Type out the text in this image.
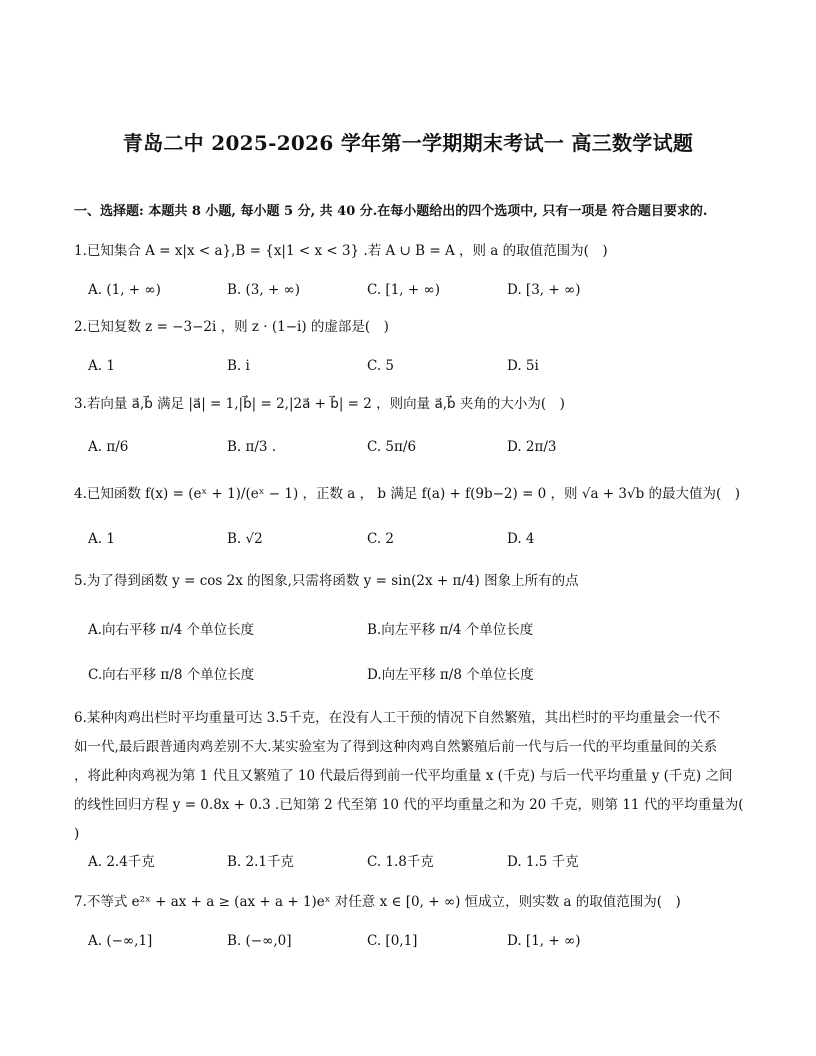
青岛二中 2025-2026 学年第一学期期末考试一 高三数学试题
一、选择题: 本题共 8 小题, 每小题 5 分, 共 40 分.在每小题给出的四个选项中, 只有一项是 符合题目要求的.
1.已知集合 A = x|x < a},B = {x|1 < x < 3} .若 A ∪ B = A ，则 a 的取值范围为(　)
A. (1, + ∞)	B. (3, + ∞)	C. [1, + ∞)	D. [3, + ∞)
2.已知复数 z = −3−2i ，则 z · (1−i) 的虚部是(　)
A. 1	B. i	C. 5	D. 5i
3.若向量 a⃗,b⃗ 满足 |a⃗| = 1,|b⃗| = 2,|2a⃗ + b⃗| = 2 ，则向量 a⃗,b⃗ 夹角的大小为(　)
A. π/6	B. π/3 .	C. 5π/6	D. 2π/3
4.已知函数 f(x) = (eˣ + 1)/(eˣ − 1) ，正数 a ， b 满足 f(a) + f(9b−2) = 0 ，则 √a + 3√b 的最大值为(　)
A. 1	B. √2	C. 2	D. 4
5.为了得到函数 y = cos 2x 的图象,只需将函数 y = sin(2x + π/4) 图象上所有的点
A.向右平移 π/4 个单位长度	B.向左平移 π/4 个单位长度
C.向右平移 π/8 个单位长度	D.向左平移 π/8 个单位长度
6.某种肉鸡出栏时平均重量可达 3.5千克，在没有人工干预的情况下自然繁殖，其出栏时的平均重量会一代不
如一代,最后跟普通肉鸡差别不大.某实验室为了得到这种肉鸡自然繁殖后前一代与后一代的平均重量间的关系
，将此种肉鸡视为第 1 代且又繁殖了 10 代最后得到前一代平均重量 x (千克) 与后一代平均重量 y (千克) 之间
的线性回归方程 y = 0.8x + 0.3 .已知第 2 代至第 10 代的平均重量之和为 20 千克，则第 11 代的平均重量为(
)
A. 2.4千克	B. 2.1千克	C. 1.8千克	D. 1.5 千克
7.不等式 e²ˣ + ax + a ≥ (ax + a + 1)eˣ 对任意 x ∈ [0, + ∞) 恒成立，则实数 a 的取值范围为(　)
A. (−∞,1]	B. (−∞,0]	C. [0,1]	D. [1, + ∞)
